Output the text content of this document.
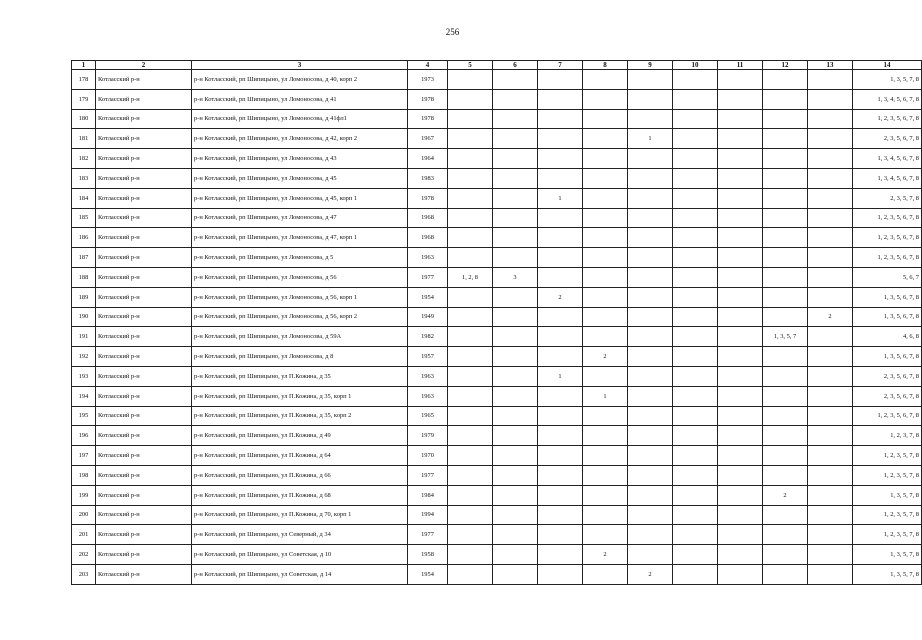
256
1	2	3	4	5	6	7	8	9	10	11	12	13	14
178	Котласский р-н	р-н Котласский, рп Шипицыно, ул Ломоносова, д 40, корп 2	1973										1, 3, 5, 7, 8
179	Котласский р-н	р-н Котласский, рп Шипицыно, ул Ломоносова, д 41	1978										1, 3, 4, 5, 6, 7, 8
180	Котласский р-н	р-н Котласский, рп Шипицыно, ул Ломоносова, д 41фл1	1978										1, 2, 3, 5, 6, 7, 8
181	Котласский р-н	р-н Котласский, рп Шипицыно, ул Ломоносова, д 42, корп 2	1967					1					2, 3, 5, 6, 7, 8
182	Котласский р-н	р-н Котласский, рп Шипицыно, ул Ломоносова, д 43	1964										1, 3, 4, 5, 6, 7, 8
183	Котласский р-н	р-н Котласский, рп Шипицыно, ул Ломоносова, д 45	1983										1, 3, 4, 5, 6, 7, 8
184	Котласский р-н	р-н Котласский, рп Шипицыно, ул Ломоносова, д 45, корп 1	1978			1							2, 3, 5, 7, 8
185	Котласский р-н	р-н Котласский, рп Шипицыно, ул Ломоносова, д 47	1968										1, 2, 3, 5, 6, 7, 8
186	Котласский р-н	р-н Котласский, рп Шипицыно, ул Ломоносова, д 47, корп 1	1968										1, 2, 3, 5, 6, 7, 8
187	Котласский р-н	р-н Котласский, рп Шипицыно, ул Ломоносова, д 5	1963										1, 2, 3, 5, 6, 7, 8
188	Котласский р-н	р-н Котласский, рп Шипицыно, ул Ломоносова, д 56	1977	1, 2, 8	3								5, 6, 7
189	Котласский р-н	р-н Котласский, рп Шипицыно, ул Ломоносова, д 56, корп 1	1954			2							1, 3, 5, 6, 7, 8
190	Котласский р-н	р-н Котласский, рп Шипицыно, ул Ломоносова, д 56, корп 2	1949									2	1, 3, 5, 6, 7, 8
191	Котласский р-н	р-н Котласский, рп Шипицыно, ул Ломоносова, д 59А	1982								1, 3, 5, 7		4, 6, 8
192	Котласский р-н	р-н Котласский, рп Шипицыно, ул Ломоносова, д 8	1957				2						1, 3, 5, 6, 7, 8
193	Котласский р-н	р-н Котласский, рп Шипицыно, ул П.Кожина, д 35	1963			1							2, 3, 5, 6, 7, 8
194	Котласский р-н	р-н Котласский, рп Шипицыно, ул П.Кожина, д 35, корп 1	1963				1						2, 3, 5, 6, 7, 8
195	Котласский р-н	р-н Котласский, рп Шипицыно, ул П.Кожина, д 35, корп 2	1965										1, 2, 3, 5, 6, 7, 8
196	Котласский р-н	р-н Котласский, рп Шипицыно, ул П.Кожина, д 49	1979										1, 2, 3, 7, 8
197	Котласский р-н	р-н Котласский, рп Шипицыно, ул П.Кожина, д 64	1970										1, 2, 3, 5, 7, 8
198	Котласский р-н	р-н Котласский, рп Шипицыно, ул П.Кожина, д 66	1977										1, 2, 3, 5, 7, 8
199	Котласский р-н	р-н Котласский, рп Шипицыно, ул П.Кожина, д 68	1984								2		1, 3, 5, 7, 8
200	Котласский р-н	р-н Котласский, рп Шипицыно, ул П.Кожина, д 70, корп 1	1994										1, 2, 3, 5, 7, 8
201	Котласский р-н	р-н Котласский, рп Шипицыно, ул Северный, д 34	1977										1, 2, 3, 5, 7, 8
202	Котласский р-н	р-н Котласский, рп Шипицыно, ул Советская, д 10	1958				2						1, 3, 5, 7, 8
203	Котласский р-н	р-н Котласский, рп Шипицыно, ул Советская, д 14	1954					2					1, 3, 5, 7, 8
